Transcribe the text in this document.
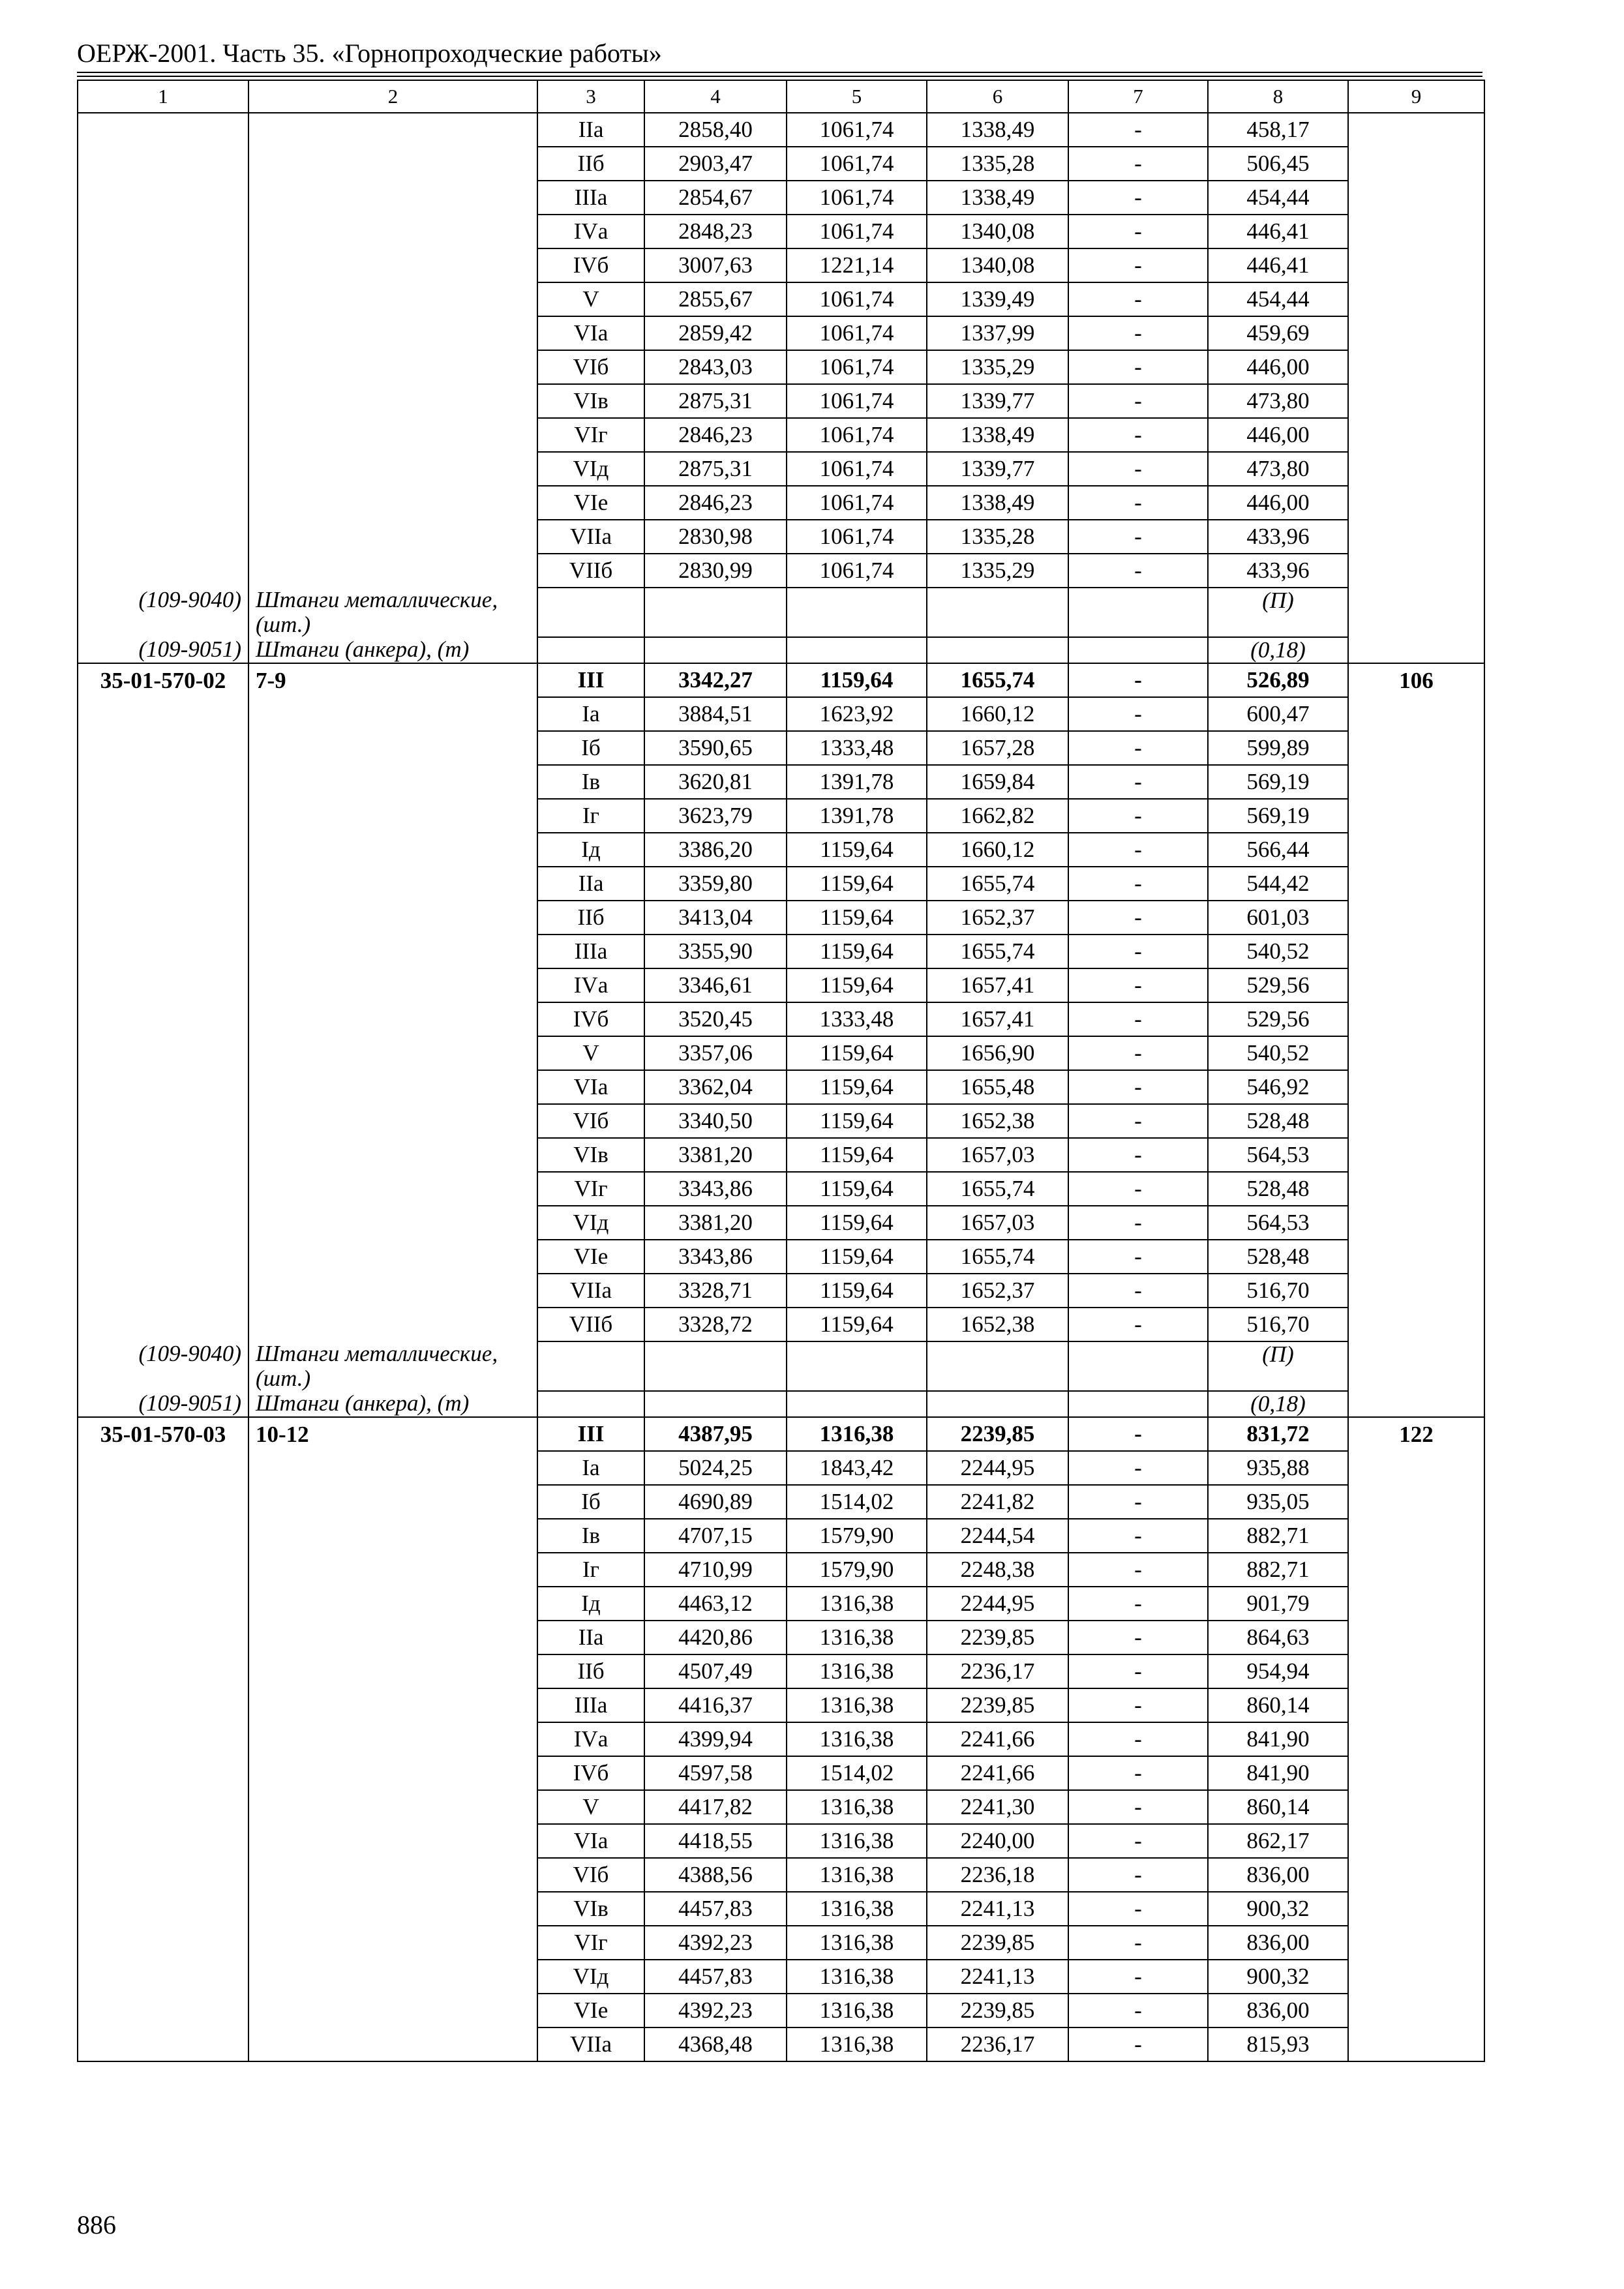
ОЕРЖ-2001. Часть 35. «Горнопроходческие работы»
1	2	3	4	5	6	7	8	9
		IIа	2858,40	1061,74	1338,49	-	458,17	
		IIб	2903,47	1061,74	1335,28	-	506,45	
		IIIа	2854,67	1061,74	1338,49	-	454,44	
		IVа	2848,23	1061,74	1340,08	-	446,41	
		IVб	3007,63	1221,14	1340,08	-	446,41	
		V	2855,67	1061,74	1339,49	-	454,44	
		VIа	2859,42	1061,74	1337,99	-	459,69	
		VIб	2843,03	1061,74	1335,29	-	446,00	
		VIв	2875,31	1061,74	1339,77	-	473,80	
		VIг	2846,23	1061,74	1338,49	-	446,00	
		VIд	2875,31	1061,74	1339,77	-	473,80	
		VIе	2846,23	1061,74	1338,49	-	446,00	
		VIIа	2830,98	1061,74	1335,28	-	433,96	
		VIIб	2830,99	1061,74	1335,29	-	433,96	
(109-9040)	Штанги металлические, (шт.)						(П)	
(109-9051)	Штанги (анкера), (т)						(0,18)	
35-01-570-02	7-9	III	3342,27	1159,64	1655,74	-	526,89	106
		Iа	3884,51	1623,92	1660,12	-	600,47	
		Iб	3590,65	1333,48	1657,28	-	599,89	
		Iв	3620,81	1391,78	1659,84	-	569,19	
		Iг	3623,79	1391,78	1662,82	-	569,19	
		Iд	3386,20	1159,64	1660,12	-	566,44	
		IIа	3359,80	1159,64	1655,74	-	544,42	
		IIб	3413,04	1159,64	1652,37	-	601,03	
		IIIа	3355,90	1159,64	1655,74	-	540,52	
		IVа	3346,61	1159,64	1657,41	-	529,56	
		IVб	3520,45	1333,48	1657,41	-	529,56	
		V	3357,06	1159,64	1656,90	-	540,52	
		VIа	3362,04	1159,64	1655,48	-	546,92	
		VIб	3340,50	1159,64	1652,38	-	528,48	
		VIв	3381,20	1159,64	1657,03	-	564,53	
		VIг	3343,86	1159,64	1655,74	-	528,48	
		VIд	3381,20	1159,64	1657,03	-	564,53	
		VIе	3343,86	1159,64	1655,74	-	528,48	
		VIIа	3328,71	1159,64	1652,37	-	516,70	
		VIIб	3328,72	1159,64	1652,38	-	516,70	
(109-9040)	Штанги металлические, (шт.)						(П)	
(109-9051)	Штанги (анкера), (т)						(0,18)	
35-01-570-03	10-12	III	4387,95	1316,38	2239,85	-	831,72	122
		Iа	5024,25	1843,42	2244,95	-	935,88	
		Iб	4690,89	1514,02	2241,82	-	935,05	
		Iв	4707,15	1579,90	2244,54	-	882,71	
		Iг	4710,99	1579,90	2248,38	-	882,71	
		Iд	4463,12	1316,38	2244,95	-	901,79	
		IIа	4420,86	1316,38	2239,85	-	864,63	
		IIб	4507,49	1316,38	2236,17	-	954,94	
		IIIа	4416,37	1316,38	2239,85	-	860,14	
		IVа	4399,94	1316,38	2241,66	-	841,90	
		IVб	4597,58	1514,02	2241,66	-	841,90	
		V	4417,82	1316,38	2241,30	-	860,14	
		VIа	4418,55	1316,38	2240,00	-	862,17	
		VIб	4388,56	1316,38	2236,18	-	836,00	
		VIв	4457,83	1316,38	2241,13	-	900,32	
		VIг	4392,23	1316,38	2239,85	-	836,00	
		VIд	4457,83	1316,38	2241,13	-	900,32	
		VIе	4392,23	1316,38	2239,85	-	836,00	
		VIIа	4368,48	1316,38	2236,17	-	815,93	
886
